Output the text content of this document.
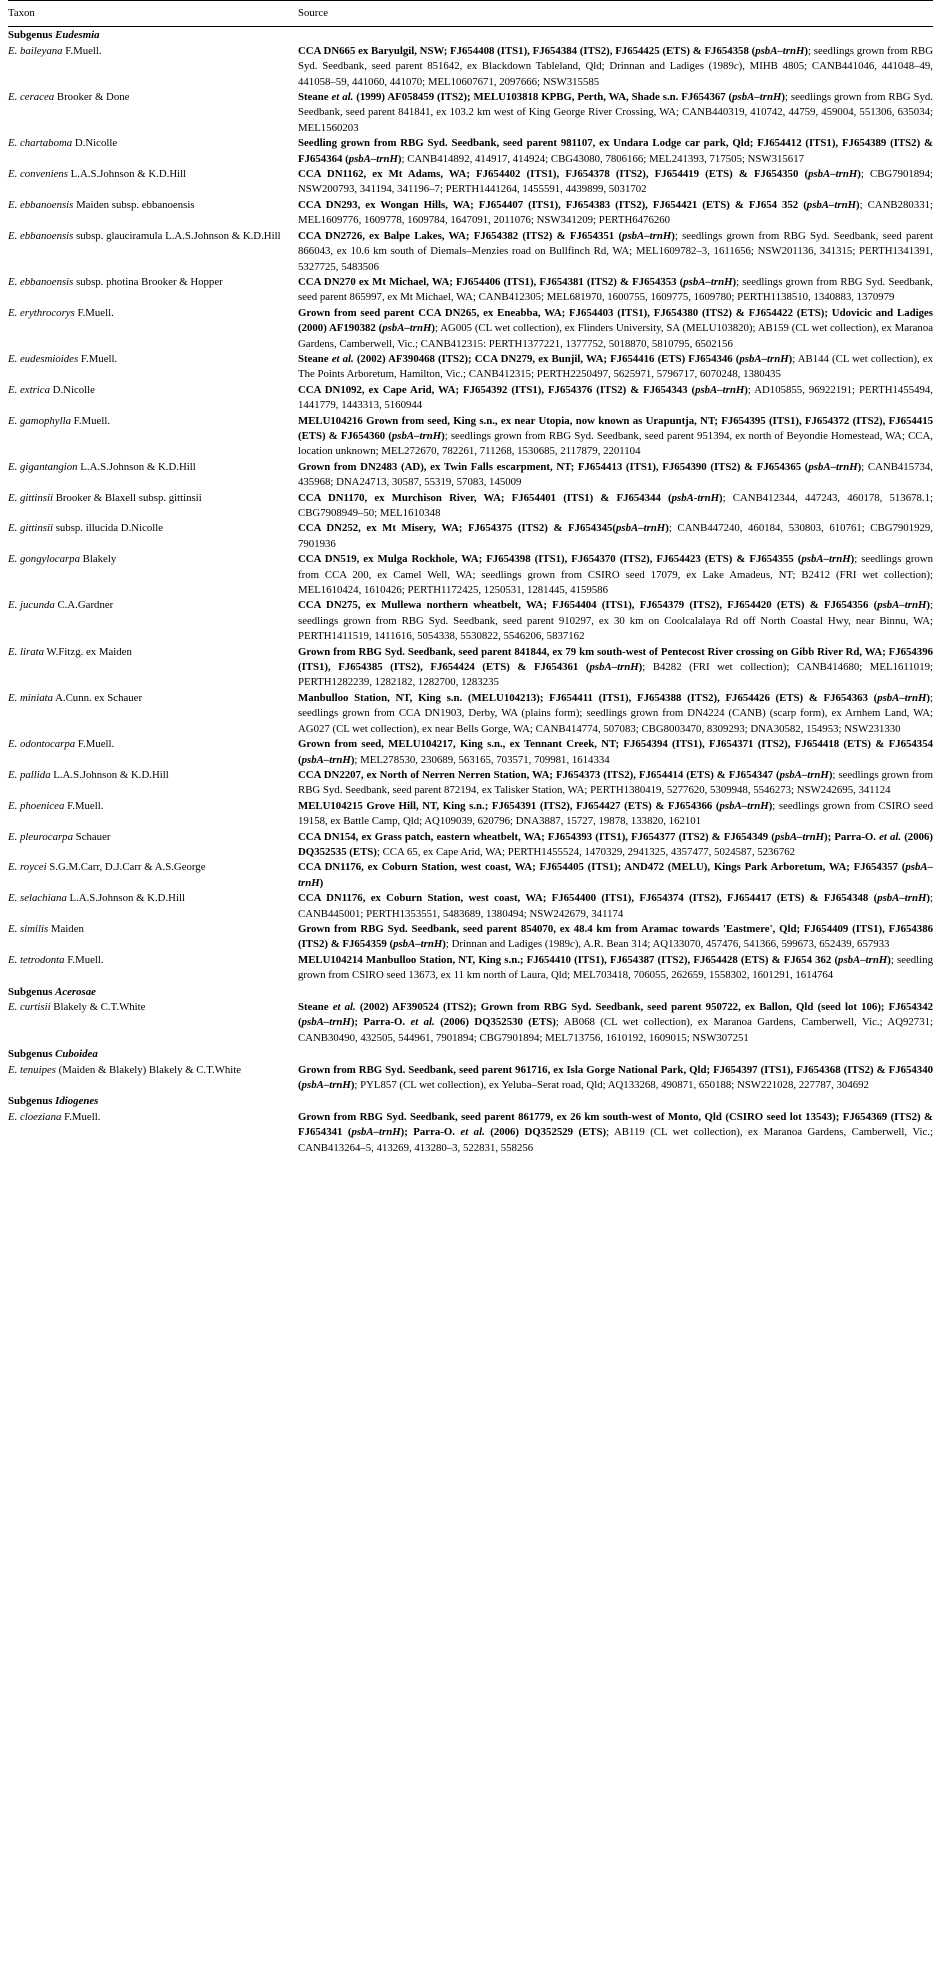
Taxon	Source
Subgenus Eudesmia	
E. baileyana F.Muell.	CCA DN665 ex Baryulgil, NSW; FJ654408 (ITS1), FJ654384 (ITS2), FJ654425 (ETS) & FJ654358 (psbA–trnH); seedlings grown from RBG Syd. Seedbank, seed parent 851642, ex Blackdown Tableland, Qld; Drinnan and Ladiges (1989c), MIHB 4805; CANB441046, 441048–49, 441058–59, 441060, 441070; MEL10607671, 2097666; NSW315585
E. ceracea Brooker & Done	Steane et al. (1999) AF058459 (ITS2); MELU103818 KPBG, Perth, WA, Shade s.n. FJ654367 (psbA–trnH); seedlings grown from RBG Syd. Seedbank, seed parent 841841, ex 103.2 km west of King George River Crossing, WA; CANB440319, 410742, 44759, 459004, 551306, 635034; MEL1560203
E. chartaboma D.Nicolle	Seedling grown from RBG Syd. Seedbank, seed parent 981107, ex Undara Lodge car park, Qld; FJ654412 (ITS1), FJ654389 (ITS2) & FJ654364 (psbA–trnH); CANB414892, 414917, 414924; CBG43080, 7806166; MEL241393, 717505; NSW315617
E. conveniens L.A.S.Johnson & K.D.Hill	CCA DN1162, ex Mt Adams, WA; FJ654402 (ITS1), FJ654378 (ITS2), FJ654419 (ETS) & FJ654350 (psbA–trnH); CBG7901894; NSW200793, 341194, 341196–7; PERTH1441264, 1455591, 4439899, 5031702
E. ebbanoensis Maiden subsp. ebbanoensis	CCA DN293, ex Wongan Hills, WA; FJ654407 (ITS1), FJ654383 (ITS2), FJ654421 (ETS) & FJ654 352 (psbA–trnH); CANB280331; MEL1609776, 1609778, 1609784, 1647091, 2011076; NSW341209; PERTH6476260
E. ebbanoensis subsp. glauciramula L.A.S.Johnson & K.D.Hill	CCA DN2726, ex Balpe Lakes, WA; FJ654382 (ITS2) & FJ654351 (psbA–trnH); seedlings grown from RBG Syd. Seedbank, seed parent 866043, ex 10.6 km south of Diemals–Menzies road on Bullfinch Rd, WA; MEL1609782–3, 1611656; NSW201136, 341315; PERTH1341391, 5327725, 5483506
E. ebbanoensis subsp. photina Brooker & Hopper	CCA DN270 ex Mt Michael, WA; FJ654406 (ITS1), FJ654381 (ITS2) & FJ654353 (psbA–trnH); seedlings grown from RBG Syd. Seedbank, seed parent 865997, ex Mt Michael, WA; CANB412305; MEL681970, 1600755, 1609775, 1609780; PERTH1138510, 1340883, 1370979
E. erythrocorys F.Muell.	Grown from seed parent CCA DN265, ex Eneabba, WA; FJ654403 (ITS1), FJ654380 (ITS2) & FJ654422 (ETS); Udovicic and Ladiges (2000) AF190382 (psbA–trnH); AG005 (CL wet collection), ex Flinders University, SA (MELU103820); AB159 (CL wet collection), ex Maranoa Gardens, Camberwell, Vic.; CANB412315: PERTH1377221, 1377752, 5018870, 5810795, 6502156
E. eudesmioides F.Muell.	Steane et al. (2002) AF390468 (ITS2); CCA DN279, ex Bunjil, WA; FJ654416 (ETS) FJ654346 (psbA–trnH); AB144 (CL wet collection), ex The Points Arboretum, Hamilton, Vic.; CANB412315; PERTH2250497, 5625971, 5796717, 6070248, 1380435
E. extrica D.Nicolle	CCA DN1092, ex Cape Arid, WA; FJ654392 (ITS1), FJ654376 (ITS2) & FJ654343 (psbA–trnH); AD105855, 96922191; PERTH1455494, 1441779, 1443313, 5160944
E. gamophylla F.Muell.	MELU104216 Grown from seed, King s.n., ex near Utopia, now known as Urapuntja, NT; FJ654395 (ITS1), FJ654372 (ITS2), FJ654415 (ETS) & FJ654360 (psbA–trnH); seedlings grown from RBG Syd. Seedbank, seed parent 951394, ex north of Beyondie Homestead, WA; CCA, location unknown; MEL272670, 782261, 711268, 1530685, 2117879, 2201104
E. gigantangion L.A.S.Johnson & K.D.Hill	Grown from DN2483 (AD), ex Twin Falls escarpment, NT; FJ654413 (ITS1), FJ654390 (ITS2) & FJ654365 (psbA–trnH); CANB415734, 435968; DNA24713, 30587, 55319, 57083, 145009
E. gittinsii Brooker & Blaxell subsp. gittinsii	CCA DN1170, ex Murchison River, WA; FJ654401 (ITS1) & FJ654344 (psbA-trnH); CANB412344, 447243, 460178, 513678.1; CBG7908949–50; MEL1610348
E. gittinsii subsp. illucida D.Nicolle	CCA DN252, ex Mt Misery, WA; FJ654375 (ITS2) & FJ654345(psbA–trnH); CANB447240, 460184, 530803, 610761; CBG7901929, 7901936
E. gongylocarpa Blakely	CCA DN519, ex Mulga Rockhole, WA; FJ654398 (ITS1), FJ654370 (ITS2), FJ654423 (ETS) & FJ654355 (psbA–trnH); seedlings grown from CCA 200, ex Camel Well, WA; seedlings grown from CSIRO seed 17079, ex Lake Amadeus, NT; B2412 (FRI wet collection); MEL1610424, 1610426; PERTH1172425, 1250531, 1281445, 4159586
E. jucunda C.A.Gardner	CCA DN275, ex Mullewa northern wheatbelt, WA; FJ654404 (ITS1), FJ654379 (ITS2), FJ654420 (ETS) & FJ654356 (psbA–trnH); seedlings grown from RBG Syd. Seedbank, seed parent 910297, ex 30 km on Coolcalalaya Rd off North Coastal Hwy, near Binnu, WA; PERTH1411519, 1411616, 5054338, 5530822, 5546206, 5837162
E. lirata W.Fitzg. ex Maiden	Grown from RBG Syd. Seedbank, seed parent 841844, ex 79 km south-west of Pentecost River crossing on Gibb River Rd, WA; FJ654396 (ITS1), FJ654385 (ITS2), FJ654424 (ETS) & FJ654361 (psbA–trnH); B4282 (FRI wet collection); CANB414680; MEL1611019; PERTH1282239, 1282182, 1282700, 1283235
E. miniata A.Cunn. ex Schauer	Manbulloo Station, NT, King s.n. (MELU104213); FJ654411 (ITS1), FJ654388 (ITS2), FJ654426 (ETS) & FJ654363 (psbA–trnH); seedlings grown from CCA DN1903, Derby, WA (plains form); seedlings grown from DN4224 (CANB) (scarp form), ex Arnhem Land, WA; AG027 (CL wet collection), ex near Bells Gorge, WA; CANB414774, 507083; CBG8003470, 8309293; DNA30582, 154953; NSW231330
E. odontocarpa F.Muell.	Grown from seed, MELU104217, King s.n., ex Tennant Creek, NT; FJ654394 (ITS1), FJ654371 (ITS2), FJ654418 (ETS) & FJ654354 (psbA–trnH); MEL278530, 230689, 563165, 703571, 709981, 1614334
E. pallida L.A.S.Johnson & K.D.Hill	CCA DN2207, ex North of Nerren Nerren Station, WA; FJ654373 (ITS2), FJ654414 (ETS) & FJ654347 (psbA–trnH); seedlings grown from RBG Syd. Seedbank, seed parent 872194, ex Talisker Station, WA; PERTH1380419, 5277620, 5309948, 5546273; NSW242695, 341124
E. phoenicea F.Muell.	MELU104215 Grove Hill, NT, King s.n.; FJ654391 (ITS2), FJ654427 (ETS) & FJ654366 (psbA–trnH); seedlings grown from CSIRO seed 19158, ex Battle Camp, Qld; AQ109039, 620796; DNA3887, 15727, 19878, 133820, 162101
E. pleurocarpa Schauer	CCA DN154, ex Grass patch, eastern wheatbelt, WA; FJ654393 (ITS1), FJ654377 (ITS2) & FJ654349 (psbA–trnH); Parra-O. et al. (2006) DQ352535 (ETS); CCA 65, ex Cape Arid, WA; PERTH1455524, 1470329, 2941325, 4357477, 5024587, 5236762
E. roycei S.G.M.Carr, D.J.Carr & A.S.George	CCA DN1176, ex Coburn Station, west coast, WA; FJ654405 (ITS1); AND472 (MELU), Kings Park Arboretum, WA; FJ654357 (psbA–trnH)
E. selachiana L.A.S.Johnson & K.D.Hill	CCA DN1176, ex Coburn Station, west coast, WA; FJ654400 (ITS1), FJ654374 (ITS2), FJ654417 (ETS) & FJ654348 (psbA–trnH); CANB445001; PERTH1353551, 5483689, 1380494; NSW242679, 341174
E. similis Maiden	Grown from RBG Syd. Seedbank, seed parent 854070, ex 48.4 km from Aramac towards 'Eastmere', Qld; FJ654409 (ITS1), FJ654386 (ITS2) & FJ654359 (psbA–trnH); Drinnan and Ladiges (1989c), A.R. Bean 314; AQ133070, 457476, 541366, 599673, 652439, 657933
E. tetrodonta F.Muell.	MELU104214 Manbulloo Station, NT, King s.n.; FJ654410 (ITS1), FJ654387 (ITS2), FJ654428 (ETS) & FJ654 362 (psbA–trnH); seedling grown from CSIRO seed 13673, ex 11 km north of Laura, Qld; MEL703418, 706055, 262659, 1558302, 1601291, 1614764
Subgenus Acerosae	
E. curtisii Blakely & C.T.White	Steane et al. (2002) AF390524 (ITS2); Grown from RBG Syd. Seedbank, seed parent 950722, ex Ballon, Qld (seed lot 106); FJ654342 (psbA–trnH); Parra-O. et al. (2006) DQ352530 (ETS); AB068 (CL wet collection), ex Maranoa Gardens, Camberwell, Vic.; AQ92731; CANB30490, 432505, 544961, 7901894; CBG7901894; MEL713756, 1610192, 1609015; NSW307251
Subgenus Cuboidea	
E. tenuipes (Maiden & Blakely) Blakely & C.T.White	Grown from RBG Syd. Seedbank, seed parent 961716, ex Isla Gorge National Park, Qld; FJ654397 (ITS1), FJ654368 (ITS2) & FJ654340 (psbA–trnH); PYL857 (CL wet collection), ex Yeluba–Serat road, Qld; AQ133268, 490871, 650188; NSW221028, 227787, 304692
Subgenus Idiogenes	
E. cloeziana F.Muell.	Grown from RBG Syd. Seedbank, seed parent 861779, ex 26 km south-west of Monto, Qld (CSIRO seed lot 13543); FJ654369 (ITS2) & FJ654341 (psbA–trnH); Parra-O. et al. (2006) DQ352529 (ETS); AB119 (CL wet collection), ex Maranoa Gardens, Camberwell, Vic.; CANB413264–5, 413269, 413280–3, 522831, 558256
